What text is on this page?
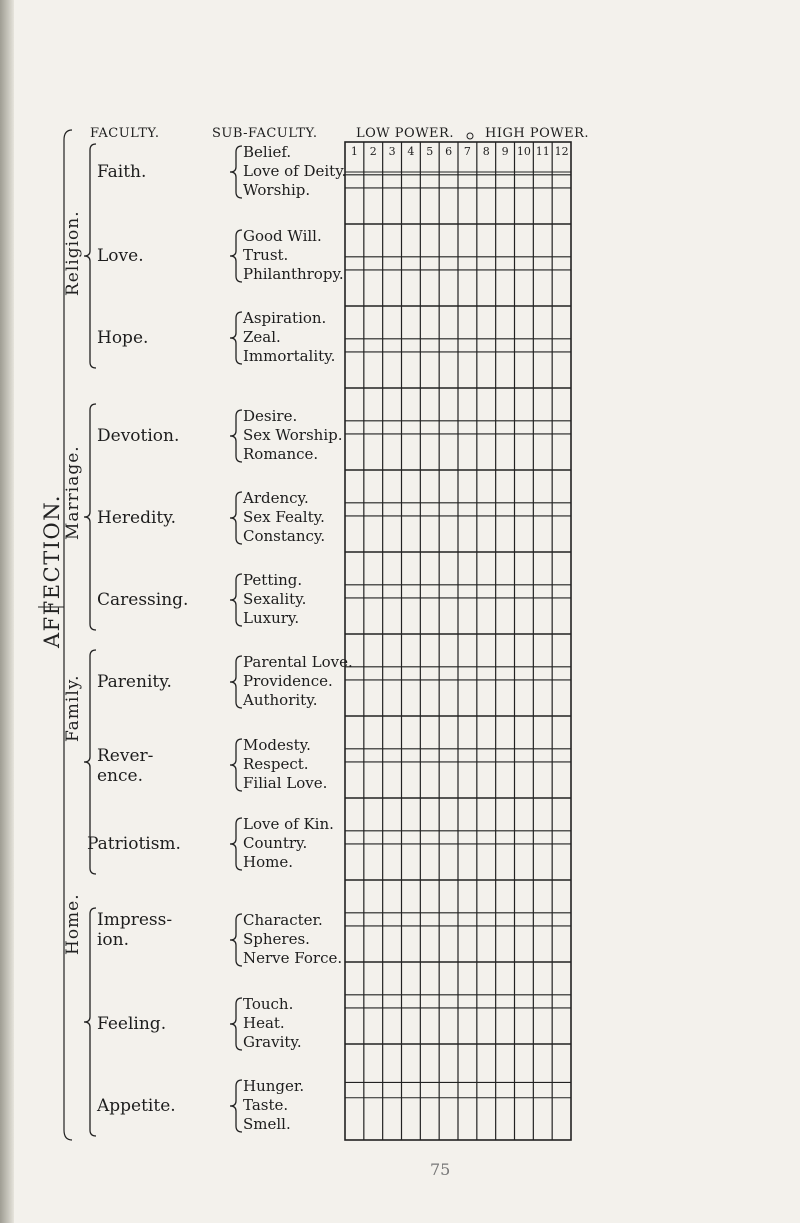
FACULTY.	SUB-FACULTY.	LOW POWER. HIGH POWER.
AFFECTION.
Religion.
Marriage.
Family.
Home.
Faith.
Love.
Hope.
Devotion.
Heredity.
Caressing.
Parenity.
Rever-
ence.
Patriotism.
Impress-
ion.
Feeling.
Appetite.
Belief.
Love of Deity.
Worship.
Good Will.
Trust.
Philanthropy.
Aspiration.
Zeal.
Immortality.
Desire.
Sex Worship.
Romance.
Ardency.
Sex Fealty.
Constancy.
Petting.
Sexality.
Luxury.
Parental Love.
Providence.
Authority.
Modesty.
Respect.
Filial Love.
Love of Kin.
Country.
Home.
Character.
Spheres.
Nerve Force.
Touch.
Heat.
Gravity.
Hunger.
Taste.
Smell.
1 2 3 4 5 6 7 8 9 10 11 12
75
